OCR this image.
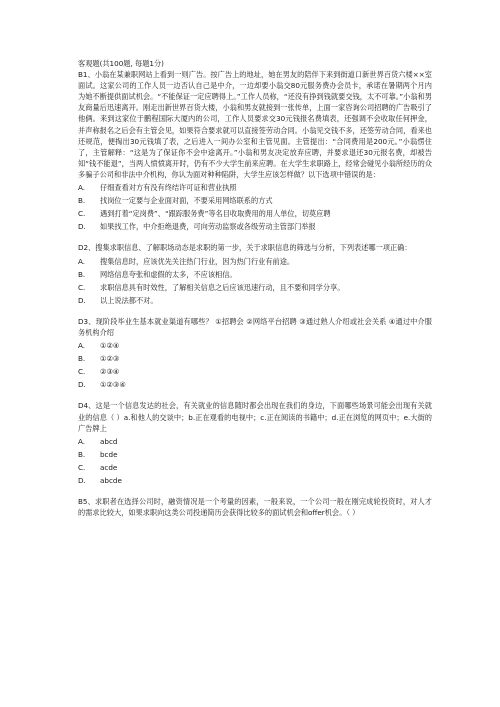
客观题(共100题, 每题1分)

B1、小翁在某兼职网站上看到一则广告。按广告上的地址，她在男友的陪伴下来到街道口新世界百货六楼××室面试。这家公司的工作人员一边否认自己是中介，一边却要小翁交80元服务费办会员卡，承诺在暑期两个月内为她不断提供面试机会。“不能保证一定应聘得上。”工作人员称，“还没有挣到钱就要交钱，太不可靠。”小翁和男友商量后迅速离开。刚走出新世界百货大楼，小翁和男友就接到一张传单，上面一家咨询公司招聘的广告吸引了他俩。来到这家位于鹏程国际大厦内的公司，工作人员要求交30元钱报名费填表，还强调不会收取任何押金，并声称报名之后会有主管会见，如果符合要求就可以直接签劳动合同。小翁见交钱不多，还签劳动合同，看来也还规范，便掏出30元钱填了表，之后进入一间办公室和主管见面。主管提出：“合同费用是200元。”小翁愣住了，主管解释：“这是为了保证你不会中途离开。”小翁和男友决定放弃应聘，并要求退还30元报名费，却被告知“钱不能退”，当两人愤愤离开时，仍有不少大学生前来应聘。在大学生求职路上，经常会碰见小翁所经历的众多骗子公司和非法中介机构，你认为面对种种陷阱，大学生应该怎样做？以下选项中错误的是：

A.	仔细查看对方有没有终结许可证和营业执照
B.	找岗位一定要与企业面对面，不要采用网络联系的方式
C.	遇到打着“定岗费”、“跟踪服务费”等名目收取费用的用人单位，切莫应聘
D.	如果找工作，中介拒绝退费，可向劳动监察或各级劳动主管部门举报

D2、搜集求职信息、了解职场动态是求职的第一步，关于求职信息的筛选与分析，下列表述哪一项正确：

A.	搜集信息时，应该优先关注热门行业，因为热门行业有前途。
B.	网络信息夸张和虚假的太多，不应该相信。
C.	求职信息具有时效性，了解相关信息之后应该迅速行动，且不要和同学分享。
D.	以上说法都不对。

D3、现阶段毕业生基本就业渠道有哪些？ ①招聘会 ②网络平台招聘 ③通过熟人介绍或社会关系 ④通过中介服务机构介绍

A.	①②④
B.	①②③
C.	②③④
D.	①②③④

D4、这是一个信息发达的社会，有关就业的信息随时都会出现在我们的身边，下面哪些场景可能会出现有关就业的信息（ ）a.和他人的交谈中；b.正在观看的电视中；c.正在阅读的书籍中；d.正在浏览的网页中；e.大街的广告牌上

A.	abcd
B.	bcde
C.	acde
D.	abcde

B5、求职者在选择公司时，融资情况是一个考量的因素，一般来说，一个公司一般在刚完成轮投资时，对人才的需求比较大，如果求职向这类公司投递简历会获得比较多的面试机会和offer机会。（ ）
